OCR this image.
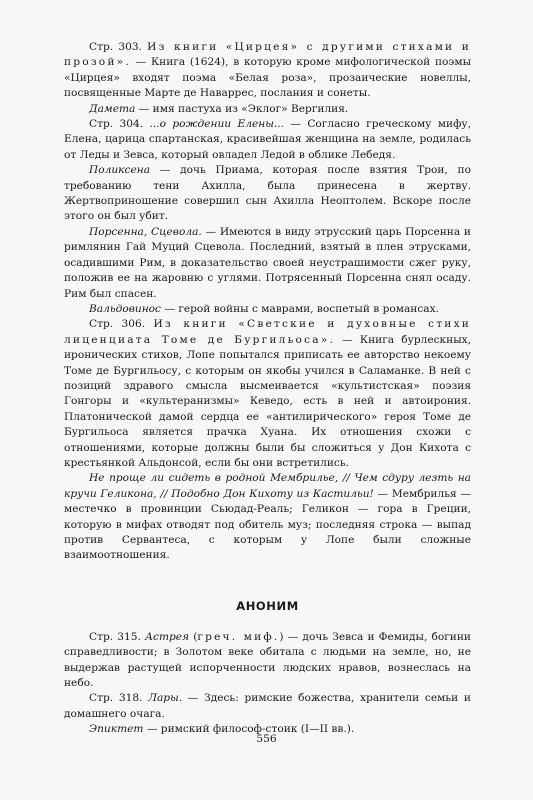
Стр. 303. Из книги «Цирцея» с другими стихами и прозой». — Книга (1624), в которую кроме мифологической поэмы «Цирцея» входят поэма «Белая роза», прозаические новеллы, посвященные Марте де Наваррес, послания и сонеты.

Дамета — имя пастуха из «Эклог» Вергилия.

Стр. 304. ...о рождении Елены... — Согласно греческому мифу, Елена, царица спартанская, красивейшая женщина на земле, родилась от Леды и Зевса, который овладел Ледой в облике Лебедя.

Поликсена — дочь Приама, которая после взятия Трои, по требованию тени Ахилла, была принесена в жертву. Жертвоприношение совершил сын Ахилла Неоптолем. Вскоре после этого он был убит.

Порсенна, Сцевола. — Имеются в виду этрусский царь Порсенна и римлянин Гай Муций Сцевола. Последний, взятый в плен этрусками, осадившими Рим, в доказательство своей неустрашимости сжег руку, положив ее на жаровню с углями. Потрясенный Порсенна снял осаду. Рим был спасен.

Вальдовинос — герой войны с маврами, воспетый в романсах.

Стр. 306. Из книги «Светские и духовные стихи лиценциата Томе де Бургильоса». — Книга бурлескных, иронических стихов, Лопе попытался приписать ее авторство некоему Томе де Бургильосу, с которым он якобы учился в Саламанке. В ней с позиций здравого смысла высмеивается «культистская» поэзия Гонгоры и «культеранизмы» Кеведо, есть в ней и автоирония. Платонической дамой сердца ее «антилирического» героя Томе де Бургильоса является прачка Хуана. Их отношения схожи с отношениями, которые должны были бы сложиться у Дон Кихота с крестьянкой Альдонсой, если бы они встретились.

Не проще ли сидеть в родной Мембрилье, // Чем сдуру лезть на кручи Геликона, // Подобно Дон Кихоту из Кастильи! — Мембрилья — местечко в провинции Сьюдад-Реаль; Геликон — гора в Греции, которую в мифах отводят под обитель муз; последняя строка — выпад против Сервантеса, с которым у Лопе были сложные взаимоотношения.

АНОНИМ

Стр. 315. Астрея (греч. миф.) — дочь Зевса и Фемиды, богини справедливости; в Золотом веке обитала с людьми на земле, но, не выдержав растущей испорченности людских нравов, вознеслась на небо.

Стр. 318. Лары. — Здесь: римские божества, хранители семьи и домашнего очага.

Эпиктет — римский философ-стоик (I—II вв.).

556
